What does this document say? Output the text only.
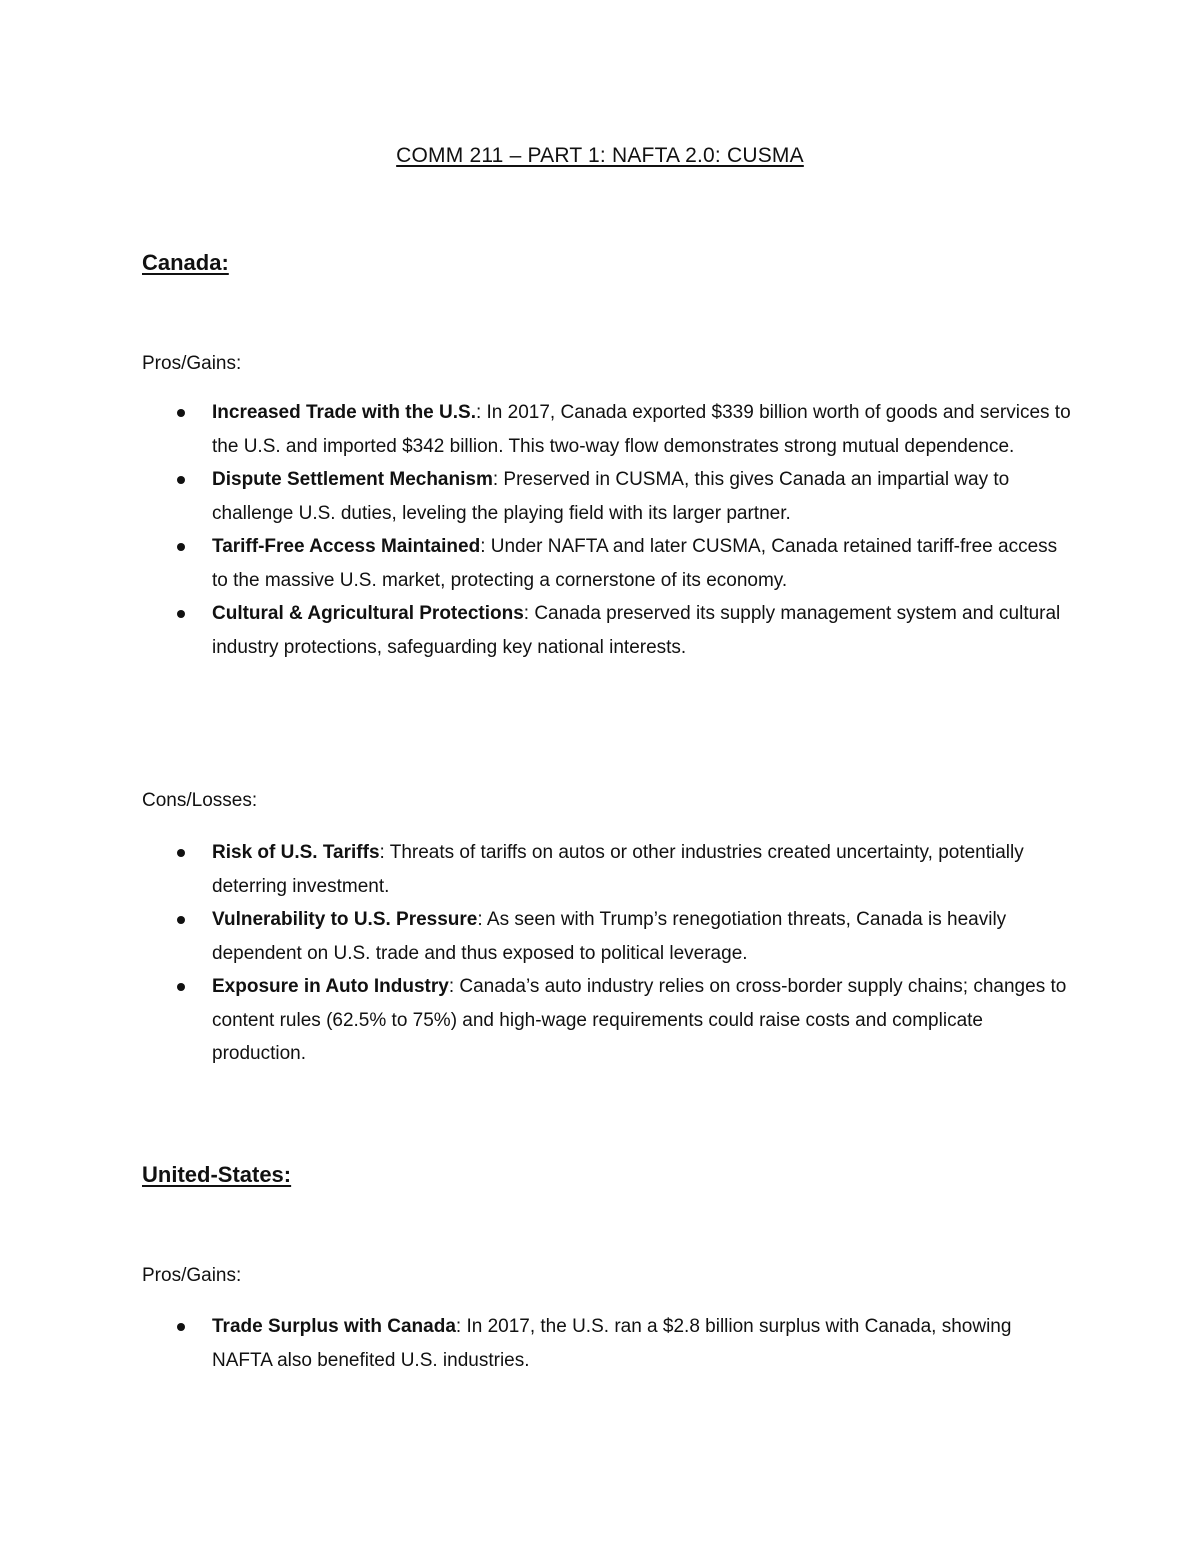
COMM 211 – PART 1: NAFTA 2.0: CUSMA
Canada:

Pros/Gains:

Increased Trade with the U.S.: In 2017, Canada exported $339 billion worth of goods and services to the U.S. and imported $342 billion. This two-way flow demonstrates strong mutual dependence.
Dispute Settlement Mechanism: Preserved in CUSMA, this gives Canada an impartial way to challenge U.S. duties, leveling the playing field with its larger partner.
Tariff-Free Access Maintained: Under NAFTA and later CUSMA, Canada retained tariff-free access to the massive U.S. market, protecting a cornerstone of its economy.
Cultural & Agricultural Protections: Canada preserved its supply management system and cultural industry protections, safeguarding key national interests.

Cons/Losses:

Risk of U.S. Tariffs: Threats of tariffs on autos or other industries created uncertainty, potentially deterring investment.
Vulnerability to U.S. Pressure: As seen with Trump’s renegotiation threats, Canada is heavily dependent on U.S. trade and thus exposed to political leverage.
Exposure in Auto Industry: Canada’s auto industry relies on cross-border supply chains; changes to content rules (62.5% to 75%) and high-wage requirements could raise costs and complicate production.
United-States:

Pros/Gains:

Trade Surplus with Canada: In 2017, the U.S. ran a $2.8 billion surplus with Canada, showing NAFTA also benefited U.S. industries.
